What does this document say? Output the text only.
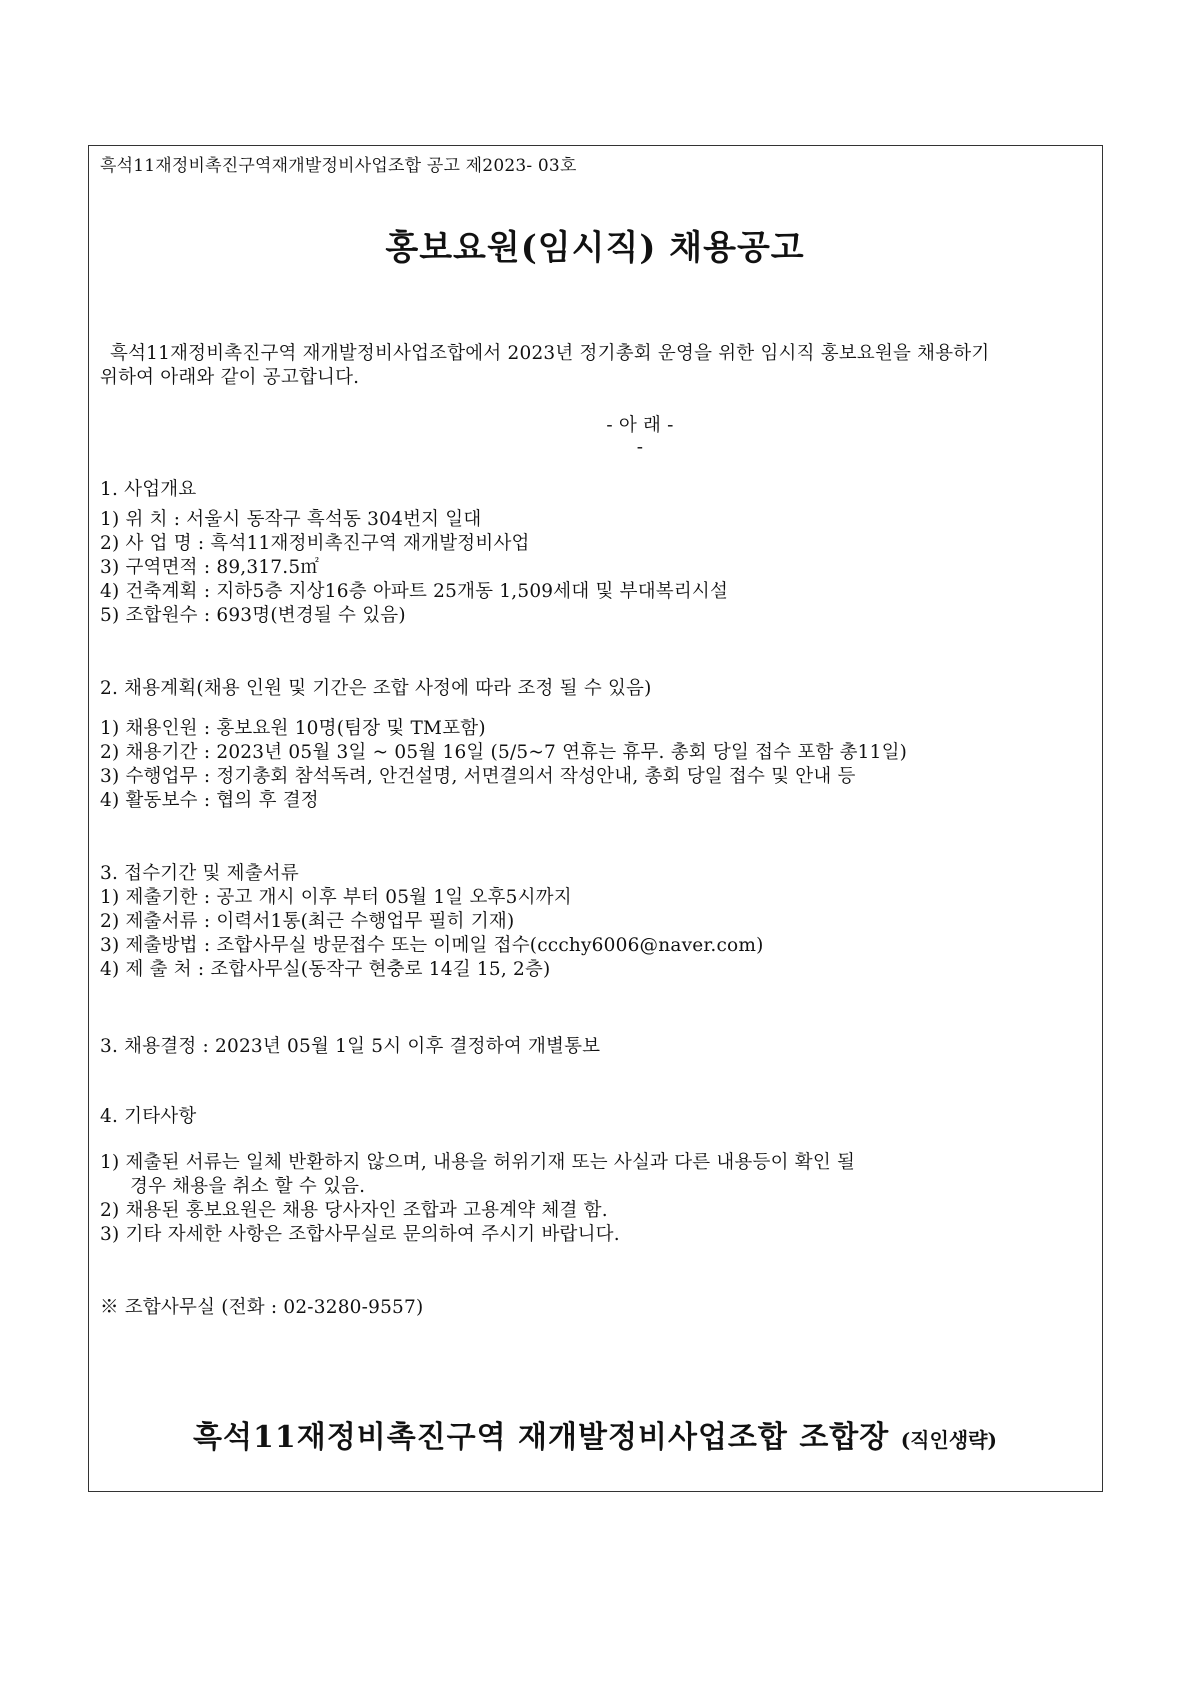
흑석11재정비촉진구역재개발정비사업조합 공고 제2023- 03호
홍보요원(임시직) 채용공고
흑석11재정비촉진구역 재개발정비사업조합에서 2023년 정기총회 운영을 위한 임시직 홍보요원을 채용하기
위하여 아래와 같이 공고합니다.
- 아 래 -
-
1. 사업개요
1) 위 치 : 서울시 동작구 흑석동 304번지 일대
2) 사 업 명 : 흑석11재정비촉진구역 재개발정비사업
3) 구역면적 : 89,317.5㎡
4) 건축계획 : 지하5층 지상16층 아파트 25개동 1,509세대 및 부대복리시설
5) 조합원수 : 693명(변경될 수 있음)
2. 채용계획(채용 인원 및 기간은 조합 사정에 따라 조정 될 수 있음)
1) 채용인원 : 홍보요원 10명(팀장 및 TM포함)
2) 채용기간 : 2023년 05월 3일 ~ 05월 16일 (5/5~7 연휴는 휴무. 총회 당일 접수 포함 총11일)
3) 수행업무 : 정기총회 참석독려, 안건설명, 서면결의서 작성안내, 총회 당일 접수 및 안내 등
4) 활동보수 : 협의 후 결정
3. 접수기간 및 제출서류
1) 제출기한 : 공고 개시 이후 부터 05월 1일 오후5시까지
2) 제출서류 : 이력서1통(최근 수행업무 필히 기재)
3) 제출방법 : 조합사무실 방문접수 또는 이메일 접수(ccchy6006@naver.com)
4) 제 출 처 : 조합사무실(동작구 현충로 14길 15, 2층)
3. 채용결정 : 2023년 05월 1일 5시 이후 결정하여 개별통보
4. 기타사항
1) 제출된 서류는 일체 반환하지 않으며, 내용을 허위기재 또는 사실과 다른 내용등이 확인 될
경우 채용을 취소 할 수 있음.
2) 채용된 홍보요원은 채용 당사자인 조합과 고용계약 체결 함.
3) 기타 자세한 사항은 조합사무실로 문의하여 주시기 바랍니다.
※ 조합사무실 (전화 : 02-3280-9557)
흑석11재정비촉진구역 재개발정비사업조합 조합장 (직인생략)
